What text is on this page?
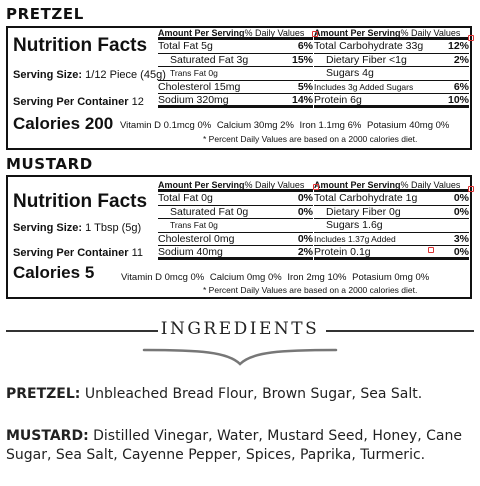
PRETZEL
Nutrition Facts
Serving Size: 1/12 Piece (45g)
Serving Per Container 12
Calories 200
Amount Per Serving% Daily Values
Total Fat 5g	6%
Saturated Fat 3g	15%
Trans Fat 0g
Cholesterol 15mg	5%
Sodium 320mg	14%
Amount Per Serving% Daily Values
Total Carbohydrate 33g 12%
Dietary Fiber <1g	2%
Sugars 4g
Includes 3g Added Sugars	6%
Protein 6g	10%
Vitamin D 0.1mcg 0% Calcium 30mg 2% Iron 1.1mg 6% Potasium 40mg 0%
* Percent Daily Values are based on a 2000 calories diet.
MUSTARD
Nutrition Facts
Serving Size: 1 Tbsp (5g)
Serving Per Container 11
Calories 5
Amount Per Serving% Daily Values
Total Fat 0g	0%
Saturated Fat 0g	0%
Trans Fat 0g
Cholesterol 0mg	0%
Sodium 40mg	2%
Amount Per Serving% Daily Values
Total Carbohydrate 1g	0%
Dietary Fiber 0g	0%
Sugars 1.6g
Includes 1.37g Added	3%
Protein 0.1g	0%
Vitamin D 0mcg 0% Calcium 0mg 0% Iron 2mg 10% Potasium 0mg 0%
* Percent Daily Values are based on a 2000 calories diet.
INGREDIENTS
PRETZEL: Unbleached Bread Flour, Brown Sugar, Sea Salt.
MUSTARD: Distilled Vinegar, Water, Mustard Seed, Honey, Cane Sugar, Sea Salt, Cayenne Pepper, Spices, Paprika, Turmeric.
